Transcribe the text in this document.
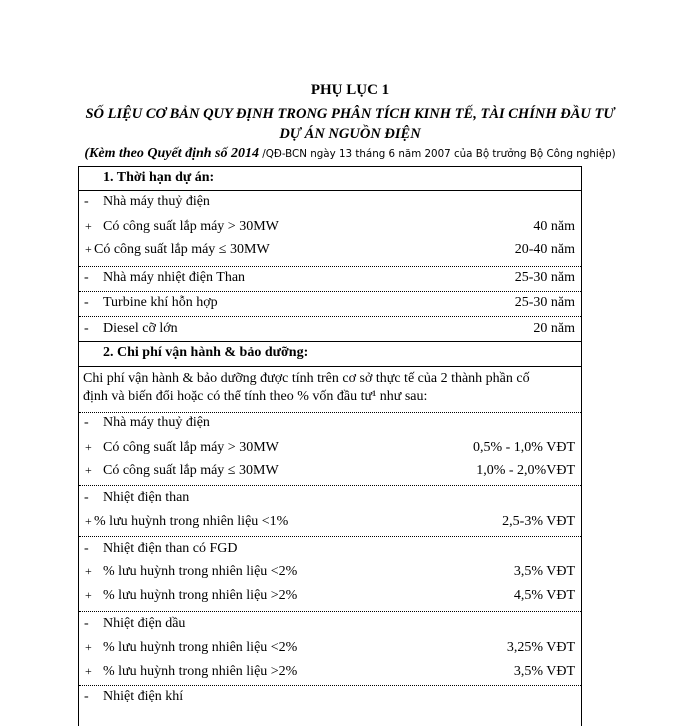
PHỤ LỤC 1
SỐ LIỆU CƠ BẢN QUY ĐỊNH TRONG PHÂN TÍCH KINH TẾ, TÀI CHÍNH ĐẦU TƯ
DỰ ÁN NGUỒN ĐIỆN
(Kèm theo Quyết định số 2014 /QĐ-BCN ngày 13 tháng 6 năm 2007 của Bộ trưởng Bộ Công nghiệp)
1. Thời hạn dự án:
- Nhà máy thuỷ điện
+ Có công suất lắp máy > 30MW	40 năm
+ Có công suất lắp máy ≤ 30MW	20-40 năm
- Nhà máy nhiệt điện Than	25-30 năm
- Turbine khí hỗn hợp	25-30 năm
- Diesel cỡ lớn	20 năm
2. Chi phí vận hành & bảo dưỡng:
Chi phí vận hành & bảo dưỡng được tính trên cơ sở thực tế của 2 thành phần cố
định và biến đổi hoặc có thể tính theo % vốn đầu tư¹ như sau:
- Nhà máy thuỷ điện
+ Có công suất lắp máy > 30MW	0,5% - 1,0% VĐT
+ Có công suất lắp máy ≤ 30MW	1,0% - 2,0%VĐT
- Nhiệt điện than
+ % lưu huỳnh trong nhiên liệu <1%	2,5-3% VĐT
- Nhiệt điện than có FGD
+ % lưu huỳnh trong nhiên liệu <2%	3,5% VĐT
+ % lưu huỳnh trong nhiên liệu >2%	4,5% VĐT
- Nhiệt điện dầu
+ % lưu huỳnh trong nhiên liệu <2%	3,25% VĐT
+ % lưu huỳnh trong nhiên liệu >2%	3,5% VĐT
- Nhiệt điện khí
